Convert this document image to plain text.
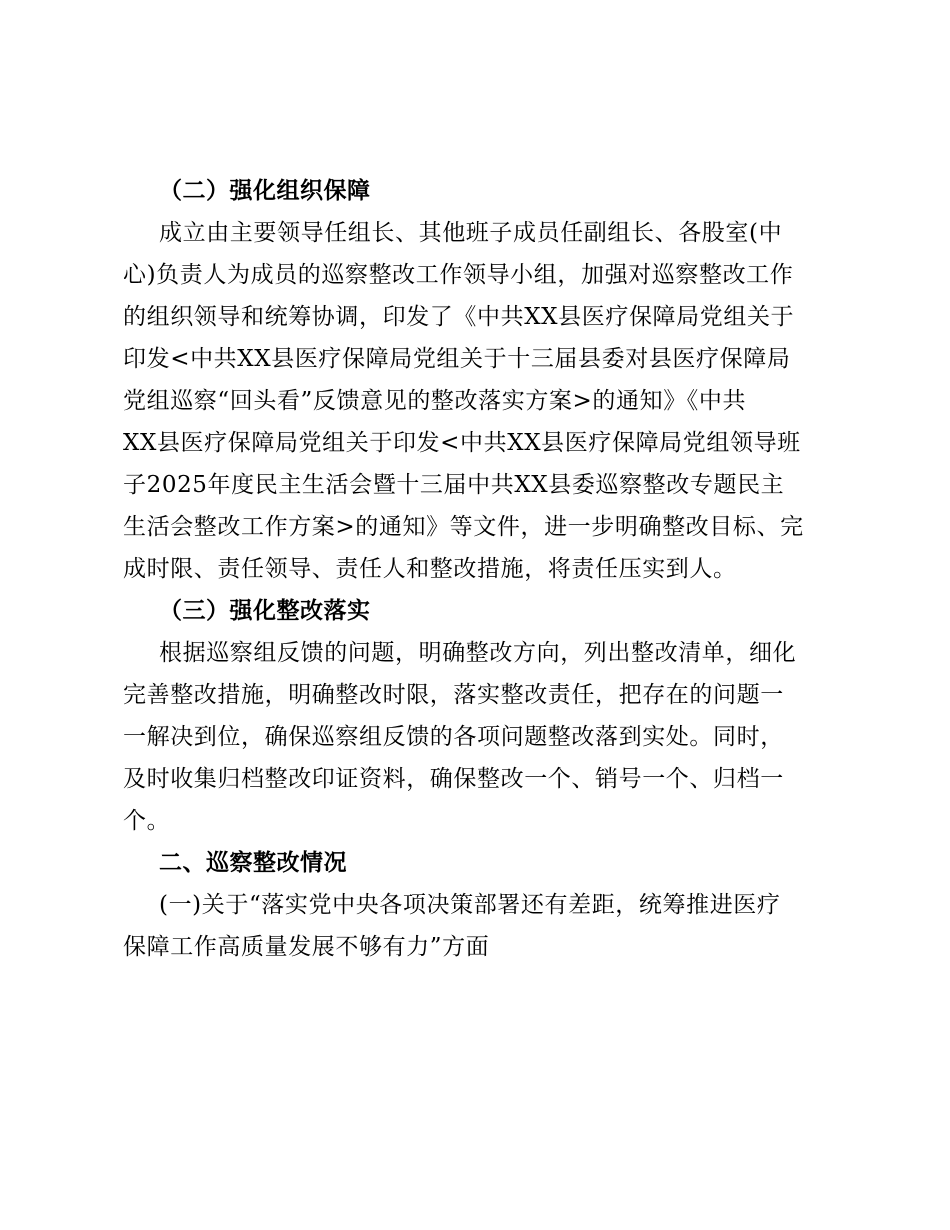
（二）强化组织保障
成立由主要领导任组长、其他班子成员任副组长、各股室(中
心)负责人为成员的巡察整改工作领导小组，加强对巡察整改工作
的组织领导和统筹协调，印发了《中共XX县医疗保障局党组关于
印发<中共XX县医疗保障局党组关于十三届县委对县医疗保障局
党组巡察“回头看”反馈意见的整改落实方案>的通知》《中共
XX县医疗保障局党组关于印发<中共XX县医疗保障局党组领导班
子2025年度民主生活会暨十三届中共XX县委巡察整改专题民主
生活会整改工作方案>的通知》等文件，进一步明确整改目标、完
成时限、责任领导、责任人和整改措施，将责任压实到人。
（三）强化整改落实
根据巡察组反馈的问题，明确整改方向，列出整改清单，细化
完善整改措施，明确整改时限，落实整改责任，把存在的问题一
一解决到位，确保巡察组反馈的各项问题整改落到实处。同时，
及时收集归档整改印证资料，确保整改一个、销号一个、归档一
个。
二、巡察整改情况
(一)关于“落实党中央各项决策部署还有差距，统筹推进医疗
保障工作高质量发展不够有力”方面
